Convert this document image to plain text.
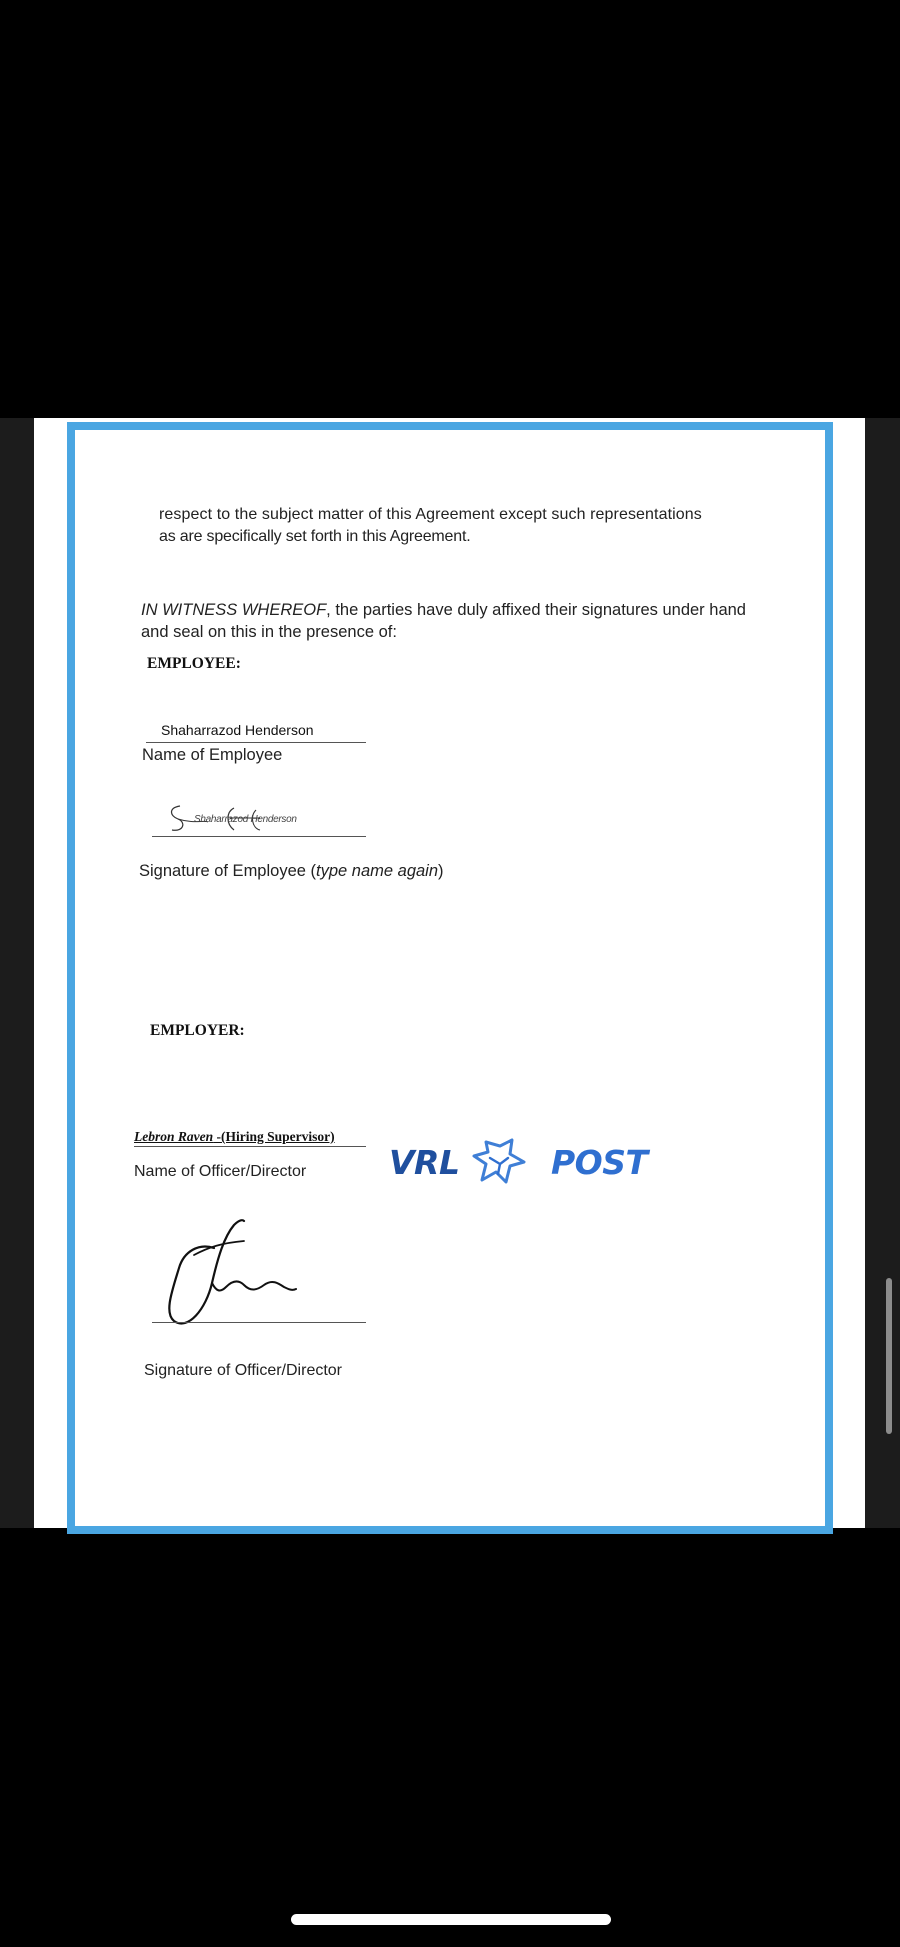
respect to the subject matter of this Agreement except such representations
as are specifically set forth in this Agreement.
IN WITNESS WHEREOF, the parties have duly affixed their signatures under hand
and seal on this in the presence of:
EMPLOYEE:
Shaharrazod Henderson
Name of Employee
Shaharrazod Henderson
Signature of Employee (type name again)
EMPLOYER:
Lebron Raven -(Hiring Supervisor)
Name of Officer/Director
Signature of Officer/Director
VRL	POST
